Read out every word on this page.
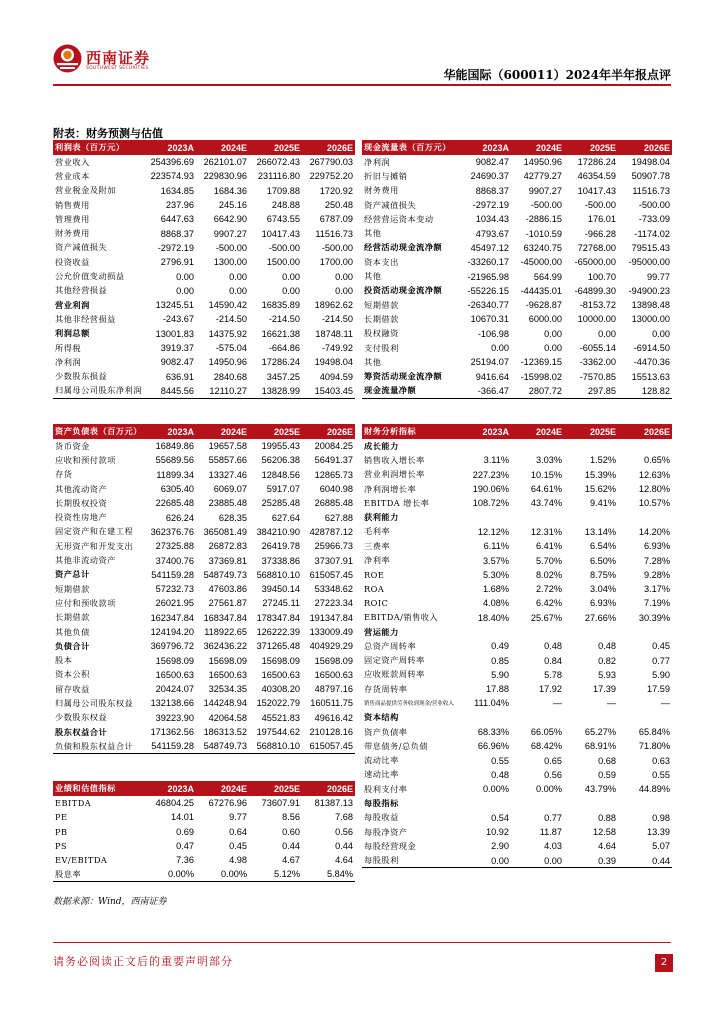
西南证券
SOUTHWEST SECURITIES	华能国际（600011）2024年半年报点评
附表：财务预测与估值
利润表（百万元）	2023A	2024E	2025E	2026E
营业收入	254396.69	262101.07	266072.43	267790.03
营业成本	223574.93	229830.96	231116.80	229752.20
营业税金及附加	1634.85	1684.36	1709.88	1720.92
销售费用	237.96	245.16	248.88	250.48
管理费用	6447.63	6642.90	6743.55	6787.09
财务费用	8868.37	9907.27	10417.43	11516.73
资产减值损失	-2972.19	-500.00	-500.00	-500.00
投资收益	2796.91	1300.00	1500.00	1700.00
公允价值变动损益	0.00	0.00	0.00	0.00
其他经营损益	0.00	0.00	0.00	0.00
营业利润	13245.51	14590.42	16835.89	18962.62
其他非经营损益	-243.67	-214.50	-214.50	-214.50
利润总额	13001.83	14375.92	16621.38	18748.11
所得税	3919.37	-575.04	-664.86	-749.92
净利润	9082.47	14950.96	17286.24	19498.04
少数股东损益	636.91	2840.68	3457.25	4094.59
归属母公司股东净利润	8445.56	12110.27	13828.99	15403.45
资产负债表（百万元）	2023A	2024E	2025E	2026E
货币资金	16849.86	19657.58	19955.43	20084.25
应收和预付款项	55689.56	55857.66	56206.38	56491.37
存货	11899.34	13327.46	12848.56	12865.73
其他流动资产	6305.40	6069.07	5917.07	6040.98
长期股权投资	22685.48	23885.48	25285.48	26885.48
投资性房地产	626.24	628.35	627.64	627.88
固定资产和在建工程	362376.76	365081.49	384210.90	428787.12
无形资产和开发支出	27325.88	26872.83	26419.78	25966.73
其他非流动资产	37400.76	37369.81	37338.86	37307.91
资产总计	541159.28	548749.73	568810.10	615057.45
短期借款	57232.73	47603.86	39450.14	53348.62
应付和预收款项	26021.95	27561.87	27245.11	27223.34
长期借款	162347.84	168347.84	178347.84	191347.84
其他负债	124194.20	118922.65	126222.39	133009.49
负债合计	369796.72	362436.22	371265.48	404929.29
股本	15698.09	15698.09	15698.09	15698.09
资本公积	16500.63	16500.63	16500.63	16500.63
留存收益	20424.07	32534.35	40308.20	48797.16
归属母公司股东权益	132138.66	144248.94	152022.79	160511.75
少数股东权益	39223.90	42064.58	45521.83	49616.42
股东权益合计	171362.56	186313.52	197544.62	210128.16
负债和股东权益合计	541159.28	548749.73	568810.10	615057.45
业绩和估值指标	2023A	2024E	2025E	2026E
EBITDA	46804.25	67276.96	73607.91	81387.13
PE	14.01	9.77	8.56	7.68
PB	0.69	0.64	0.60	0.56
PS	0.47	0.45	0.44	0.44
EV/EBITDA	7.36	4.98	4.67	4.64
股息率	0.00%	0.00%	5.12%	5.84%
现金流量表（百万元）	2023A	2024E	2025E	2026E
净利润	9082.47	14950.96	17286.24	19498.04
折旧与摊销	24690.37	42779.27	46354.59	50907.78
财务费用	8868.37	9907.27	10417.43	11516.73
资产减值损失	-2972.19	-500.00	-500.00	-500.00
经营营运资本变动	1034.43	-2886.15	176.01	-733.09
其他	4793.67	-1010.59	-966.28	-1174.02
经营活动现金流净额	45497.12	63240.75	72768.00	79515.43
资本支出	-33260.17	-45000.00	-65000.00	-95000.00
其他	-21965.98	564.99	100.70	99.77
投资活动现金流净额	-55226.15	-44435.01	-64899.30	-94900.23
短期借款	-26340.77	-9628.87	-8153.72	13898.48
长期借款	10670.31	6000.00	10000.00	13000.00
股权融资	-106.98	0.00	0.00	0.00
支付股利	0.00	0.00	-6055.14	-6914.50
其他	25194.07	-12369.15	-3362.00	-4470.36
筹资活动现金流净额	9416.64	-15998.02	-7570.85	15513.63
现金流量净额	-366.47	2807.72	297.85	128.82
财务分析指标	2023A	2024E	2025E	2026E
成长能力				
销售收入增长率	3.11%	3.03%	1.52%	0.65%
营业利润增长率	227.23%	10.15%	15.39%	12.63%
净利润增长率	190.06%	64.61%	15.62%	12.80%
EBITDA 增长率	108.72%	43.74%	9.41%	10.57%
获利能力				
毛利率	12.12%	12.31%	13.14%	14.20%
三费率	6.11%	6.41%	6.54%	6.93%
净利率	3.57%	5.70%	6.50%	7.28%
ROE	5.30%	8.02%	8.75%	9.28%
ROA	1.68%	2.72%	3.04%	3.17%
ROIC	4.08%	6.42%	6.93%	7.19%
EBITDA/销售收入	18.40%	25.67%	27.66%	30.39%
营运能力				
总资产周转率	0.49	0.48	0.48	0.45
固定资产周转率	0.85	0.84	0.82	0.77
应收账款周转率	5.90	5.78	5.93	5.90
存货周转率	17.88	17.92	17.39	17.59
销售商品提供劳务收到现金/营业收入	111.04%	—	—	—
资本结构				
资产负债率	68.33%	66.05%	65.27%	65.84%
带息债务/总负债	66.96%	68.42%	68.91%	71.80%
流动比率	0.55	0.65	0.68	0.63
速动比率	0.48	0.56	0.59	0.55
股利支付率	0.00%	0.00%	43.79%	44.89%
每股指标				
每股收益	0.54	0.77	0.88	0.98
每股净资产	10.92	11.87	12.58	13.39
每股经营现金	2.90	4.03	4.64	5.07
每股股利	0.00	0.00	0.39	0.44
数据来源：Wind，西南证券
请务必阅读正文后的重要声明部分	2
